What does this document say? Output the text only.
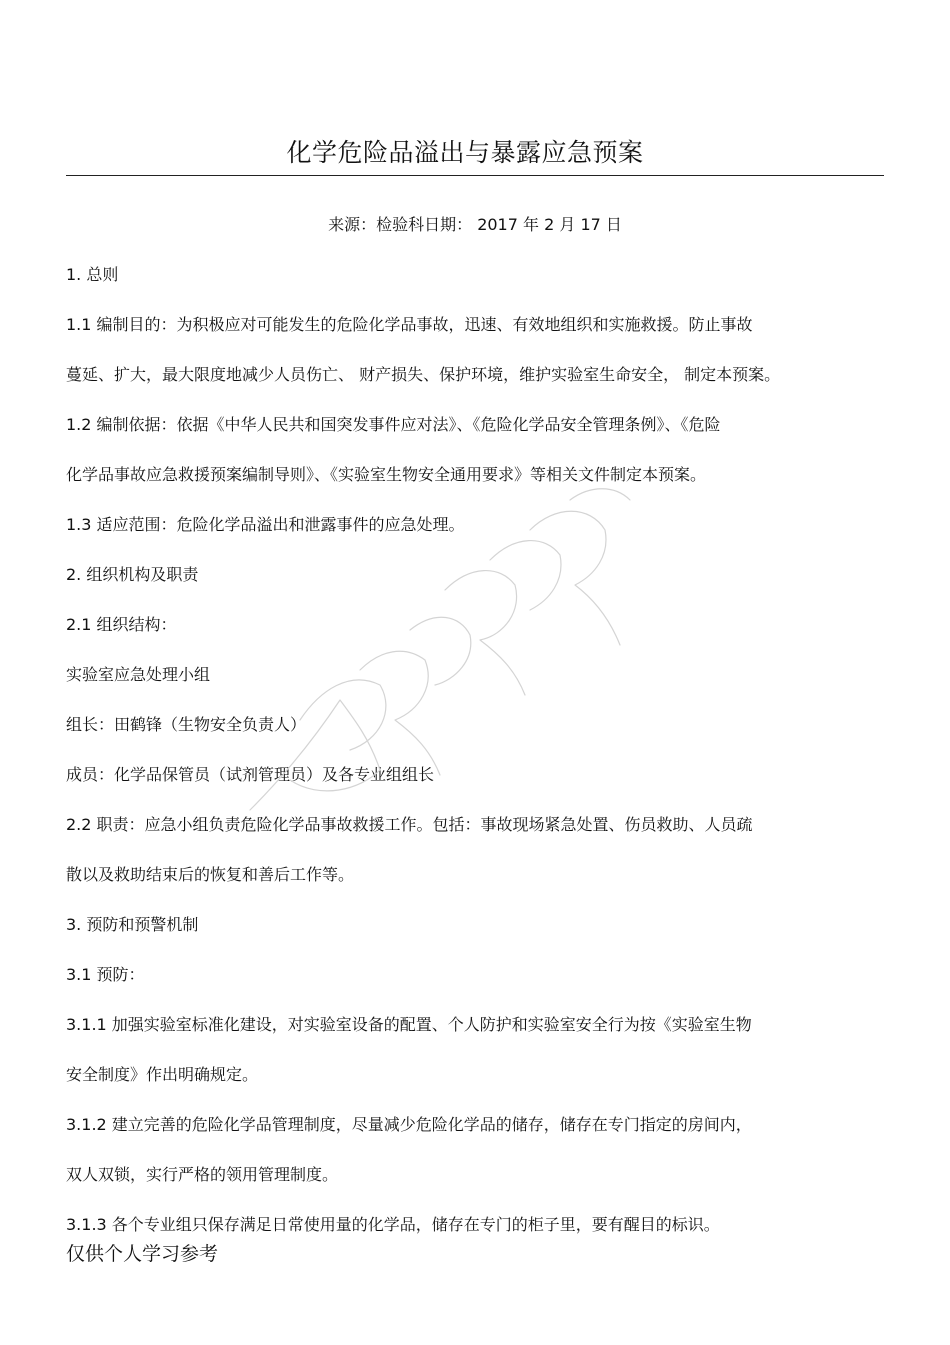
化学危险品溢出与暴露应急预案
来源：检验科日期： 2017 年 2 月 17 日
1. 总则
1.1 编制目的：为积极应对可能发生的危险化学品事故，迅速、有效地组织和实施救援。防止事故
蔓延、扩大，最大限度地减少人员伤亡、 财产损失、保护环境，维护实验室生命安全， 制定本预案。
1.2 编制依据：依据《中华人民共和国突发事件应对法》、《危险化学品安全管理条例》、《危险
化学品事故应急救援预案编制导则》、《实验室生物安全通用要求》等相关文件制定本预案。
1.3 适应范围：危险化学品溢出和泄露事件的应急处理。
2. 组织机构及职责
2.1 组织结构：
实验室应急处理小组
组长：田鹤锋（生物安全负责人）
成员：化学品保管员（试剂管理员）及各专业组组长
2.2 职责：应急小组负责危险化学品事故救援工作。包括：事故现场紧急处置、伤员救助、人员疏
散以及救助结束后的恢复和善后工作等。
3. 预防和预警机制
3.1 预防：
3.1.1 加强实验室标准化建设，对实验室设备的配置、个人防护和实验室安全行为按《实验室生物
安全制度》作出明确规定。
3.1.2 建立完善的危险化学品管理制度，尽量减少危险化学品的储存，储存在专门指定的房间内，
双人双锁，实行严格的领用管理制度。
3.1.3 各个专业组只保存满足日常使用量的化学品，储存在专门的柜子里，要有醒目的标识。
仅供个人学习参考
